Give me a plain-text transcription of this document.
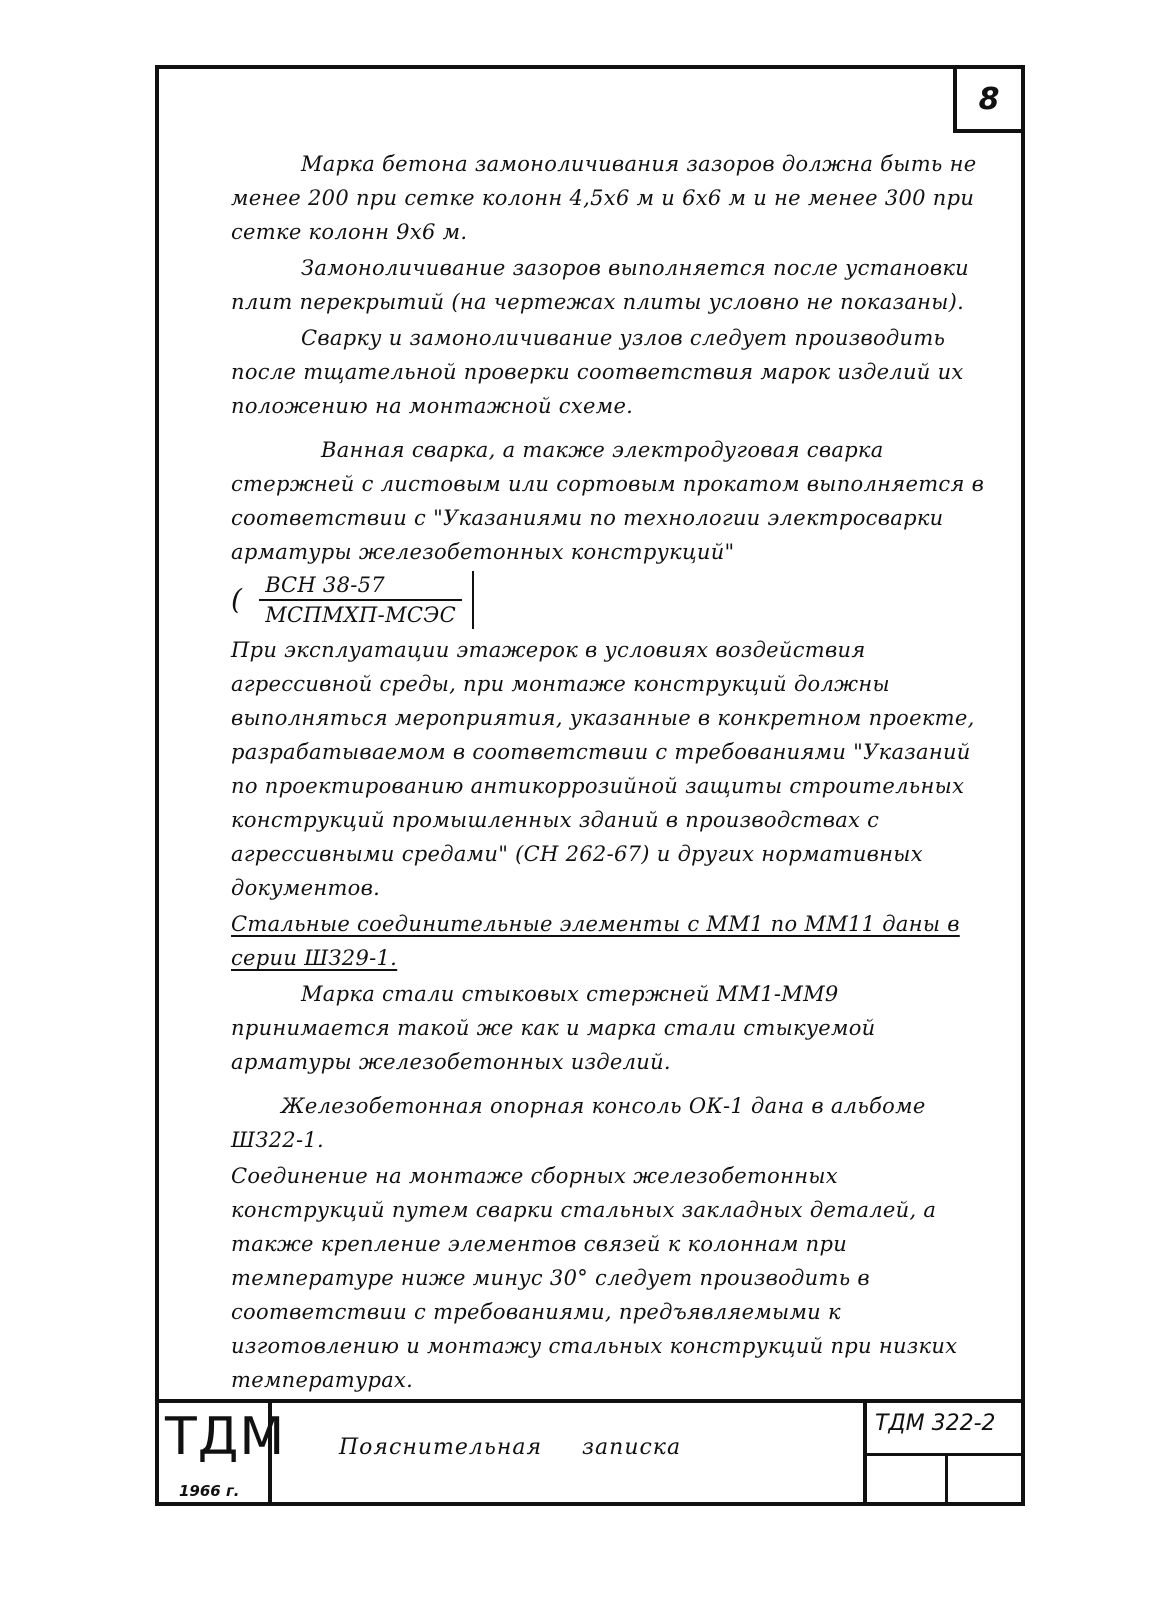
8

Марка бетона замоноличивания зазоров должна быть не менее 200 при сетке колонн 4,5х6 м и 6х6 м и не менее 300 при сетке колонн 9х6 м.

Замоноличивание зазоров выполняется после установки плит перекрытий (на чертежах плиты условно не показаны).

Сварку и замоноличивание узлов следует производить после тщательной проверки соответствия марок изделий их положению на монтажной схеме.

Ванная сварка, а также электродуговая сварка стержней с листовым или сортовым прокатом выполняется в соответствии с "Указаниями по технологии электросварки арматуры железобетонных конструкций"

( $\frac{\text{ВСН 38-57}}{\text{МСПМХП-МСЭС}}$

При эксплуатации этажерок в условиях воздействия агрессивной среды, при монтаже конструкций должны выполняться мероприятия, указанные в конкретном проекте, разрабатываемом в соответствии с требованиями "Указаний по проектированию антикоррозийной защиты строительных конструкций промышленных зданий в производствах с агрессивными средами" (СН 262-67) и других нормативных документов.

Стальные соединительные элементы с ММ1 по ММ11 даны в серии ШЗ29-1.

Марка стали стыковых стержней ММ1-ММ9 принимается такой же как и марка стали стыкуемой арматуры железобетонных изделий.

Железобетонная опорная консоль ОК-1 дана в альбоме ШЗ22-1.

Соединение на монтаже сборных железобетонных конструкций путем сварки стальных закладных деталей, а также крепление элементов связей к колоннам при температуре ниже минус 30° следует производить в соответствии с требованиями, предъявляемыми к изготовлению и монтажу стальных конструкций при низких температурах.

ТДМ
1966 г.
Пояснительная записка
ТДМ 322-2
